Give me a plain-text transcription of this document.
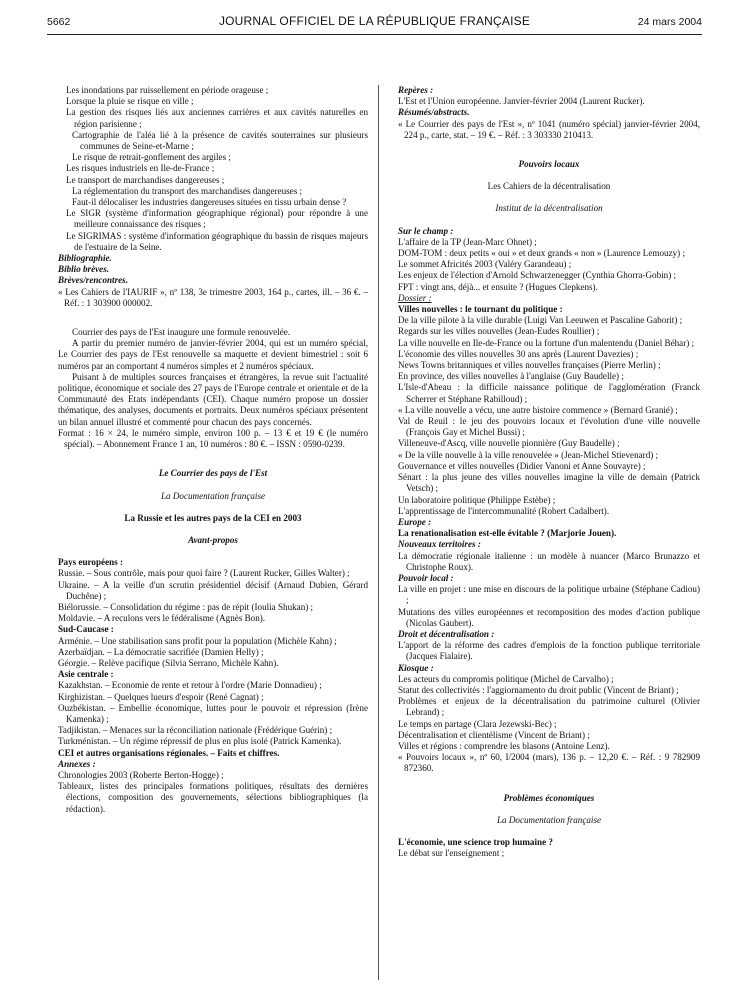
5662	JOURNAL OFFICIEL DE LA RÉPUBLIQUE FRANÇAISE	24 mars 2004

Les inondations par ruissellement en période orageuse ;

Lorsque la pluie se risque en ville ;

La gestion des risques liés aux anciennes carrières et aux cavités naturelles en région parisienne ;

Cartographie de l'aléa lié à la présence de cavités souterraines sur plusieurs communes de Seine-et-Marne ;

Le risque de retrait-gonflement des argiles ;

Les risques industriels en Ile-de-France ;

Le transport de marchandises dangereuses ;

La réglementation du transport des marchandises dangereuses ;

Faut-il délocaliser les industries dangereuses situées en tissu urbain dense ?

Le SIGR (système d'information géographique régional) pour répondre à une meilleure connaissance des risques ;

Le SIGRIMAS : système d'information géographique du bassin de risques majeurs de l'estuaire de la Seine.

Bibliographie.

Biblio brèves.

Brèves/rencontres.

« Les Cahiers de l'IAURIF », nº 138, 3e trimestre 2003, 164 p., cartes, ill. – 36 €. – Réf. : 1 303900 000002.

Courrier des pays de l'Est inaugure une formule renouvelée.

A partir du premier numéro de janvier-février 2004, qui est un numéro spécial, Le Courrier des pays de l'Est renouvelle sa maquette et devient bimestriel : soit 6 numéros par an comportant 4 numéros simples et 2 numéros spéciaux.

Puisant à de multiples sources françaises et étrangères, la revue suit l'actualité politique, économique et sociale des 27 pays de l'Europe centrale et orientale et de la Communauté des Etats indépendants (CEI). Chaque numéro propose un dossier thématique, des analyses, documents et portraits. Deux numéros spéciaux présentent un bilan annuel illustré et commenté pour chacun des pays concernés.

Format : 16 × 24, le numéro simple, environ 100 p. – 13 € et 19 € (le numéro spécial). – Abonnement France 1 an, 10 numéros : 80 €. – ISSN : 0590-0239.

Le Courrier des pays de l'Est

La Documentation française

La Russie et les autres pays de la CEI en 2003

Avant-propos

Pays européens :

Russie. – Sous contrôle, mais pour quoi faire ? (Laurent Rucker, Gilles Walter) ;

Ukraine. – A la veille d'un scrutin présidentiel décisif (Arnaud Dubien, Gérard Duchêne) ;

Biélorussie. – Consolidation du régime : pas de répit (Ioulia Shukan) ;

Moldavie. – A reculons vers le fédéralisme (Agnès Bon).

Sud-Caucase :

Arménie. – Une stabilisation sans profit pour la population (Michèle Kahn) ;

Azerbaïdjan. – La démocratie sacrifiée (Damien Helly) ;

Géorgie. – Relève pacifique (Silvia Serrano, Michèle Kahn).

Asie centrale :

Kazakhstan. – Economie de rente et retour à l'ordre (Marie Donnadieu) ;

Kirghizistan. – Quelques lueurs d'espoir (René Cagnat) ;

Ouzbékistan. – Embellie économique, luttes pour le pouvoir et répression (Irène Kamenka) ;

Tadjikistan. – Menaces sur la réconciliation nationale (Frédérique Guérin) ;

Turkménistan. – Un régime répressif de plus en plus isolé (Patrick Kamenka).

CEI et autres organisations régionales. – Faits et chiffres.

Annexes :

Chronologies 2003 (Roberte Berton-Hogge) ;

Tableaux, listes des principales formations politiques, résultats des dernières élections, composition des gouvernements, sélections bibliographiques (la rédaction).

Repères :

L'Est et l'Union européenne. Janvier-février 2004 (Laurent Rucker).

Résumés/abstracts.

« Le Courrier des pays de l'Est », nº 1041 (numéro spécial) janvier-février 2004, 224 p., carte, stat. – 19 €. – Réf. : 3 303330 210413.

Pouvoirs locaux

Les Cahiers de la décentralisation

Institut de la décentralisation

Sur le champ :

L'affaire de la TP (Jean-Marc Ohnet) ;

DOM-TOM : deux petits « oui » et deux grands « non » (Laurence Lemouzy) ;

Le sommet Africités 2003 (Valéry Garandeau) ;

Les enjeux de l'élection d'Arnold Schwarzenegger (Cynthia Ghorra-Gobin) ;

FPT : vingt ans, déjà... et ensuite ? (Hugues Clepkens).

Dossier :

Villes nouvelles : le tournant du politique :

De la ville pilote à la ville durable (Luigi Van Leeuwen et Pascaline Gaborit) ;

Regards sur les villes nouvelles (Jean-Eudes Roullier) ;

La ville nouvelle en Ile-de-France ou la fortune d'un malentendu (Daniel Béhar) ;

L'économie des villes nouvelles 30 ans après (Laurent Davezies) ;

News Towns britanniques et villes nouvelles françaises (Pierre Merlin) ;

En province, des villes nouvelles à l'anglaise (Guy Baudelle) ;

L'Isle-d'Abeau : la difficile naissance politique de l'agglomération (Franck Scherrer et Stéphane Rabilloud) ;

« La ville nouvelle a vécu, une autre histoire commence » (Bernard Granié) ;

Val de Reuil : le jeu des pouvoirs locaux et l'évolution d'une ville nouvelle (François Gay et Michel Bussi) ;

Villeneuve-d'Ascq, ville nouvelle pionnière (Guy Baudelle) ;

« De la ville nouvelle à la ville renouvelée » (Jean-Michel Stievenard) ;

Gouvernance et villes nouvelles (Didier Vanoni et Anne Souvayre) ;

Sénart : la plus jeune des villes nouvelles imagine la ville de demain (Patrick Vetsch) ;

Un laboratoire politique (Philippe Estèbe) ;

L'apprentissage de l'intercommunalité (Robert Cadalbert).

Europe :

La renationalisation est-elle évitable ? (Marjorie Jouen).

Nouveaux territoires :

La démocratie régionale italienne : un modèle à nuancer (Marco Brunazzo et Christophe Roux).

Pouvoir local :

La ville en projet : une mise en discours de la politique urbaine (Stéphane Cadiou) ;

Mutations des villes européennes et recomposition des modes d'action publique (Nicolas Gaubert).

Droit et décentralisation :

L'apport de la réforme des cadres d'emplois de la fonction publique territoriale (Jacques Fialaire).

Kiosque :

Les acteurs du compromis politique (Michel de Carvalho) ;

Statut des collectivités : l'aggiornamento du droit public (Vincent de Briant) ;

Problèmes et enjeux de la décentralisation du patrimoine culturel (Olivier Lebrand) ;

Le temps en partage (Clara Jezewski-Bec) ;

Décentralisation et clientélisme (Vincent de Briant) ;

Villes et régions : comprendre les blasons (Antoine Lenz).

« Pouvoirs locaux », nº 60, I/2004 (mars), 136 p. – 12,20 €. – Réf. : 9 782909 872360.

Problèmes économiques

La Documentation française

L'économie, une science trop humaine ?

Le débat sur l'enseignement ;
